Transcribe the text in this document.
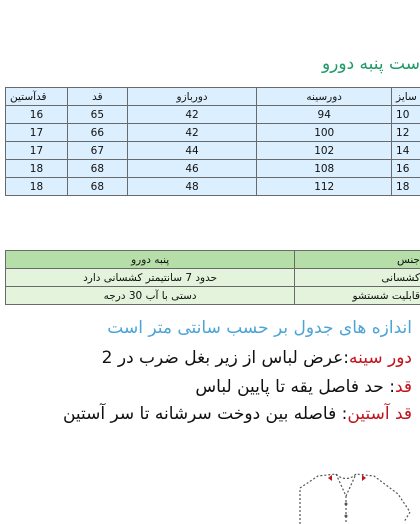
ست پنبه دورو
قدآستین	قد	دوربازو	دورسینه	سایز
16	65	42	94	10
17	66	42	100	12
17	67	44	102	14
18	68	46	108	16
18	68	48	112	18
پنبه دورو	جنس
حدود 7 سانتیمتر کشسانی دارد	کشسانی
دستی با آب 30 درجه	قابلیت شستشو
اندازه های جدول بر حسب سانتی متر است
دور سینه:عرض لباس از زیر بغل ضرب در 2
قد: حد فاصل یقه تا پایین لباس
قد آستین: فاصله بین دوخت سرشانه تا سر آستین
